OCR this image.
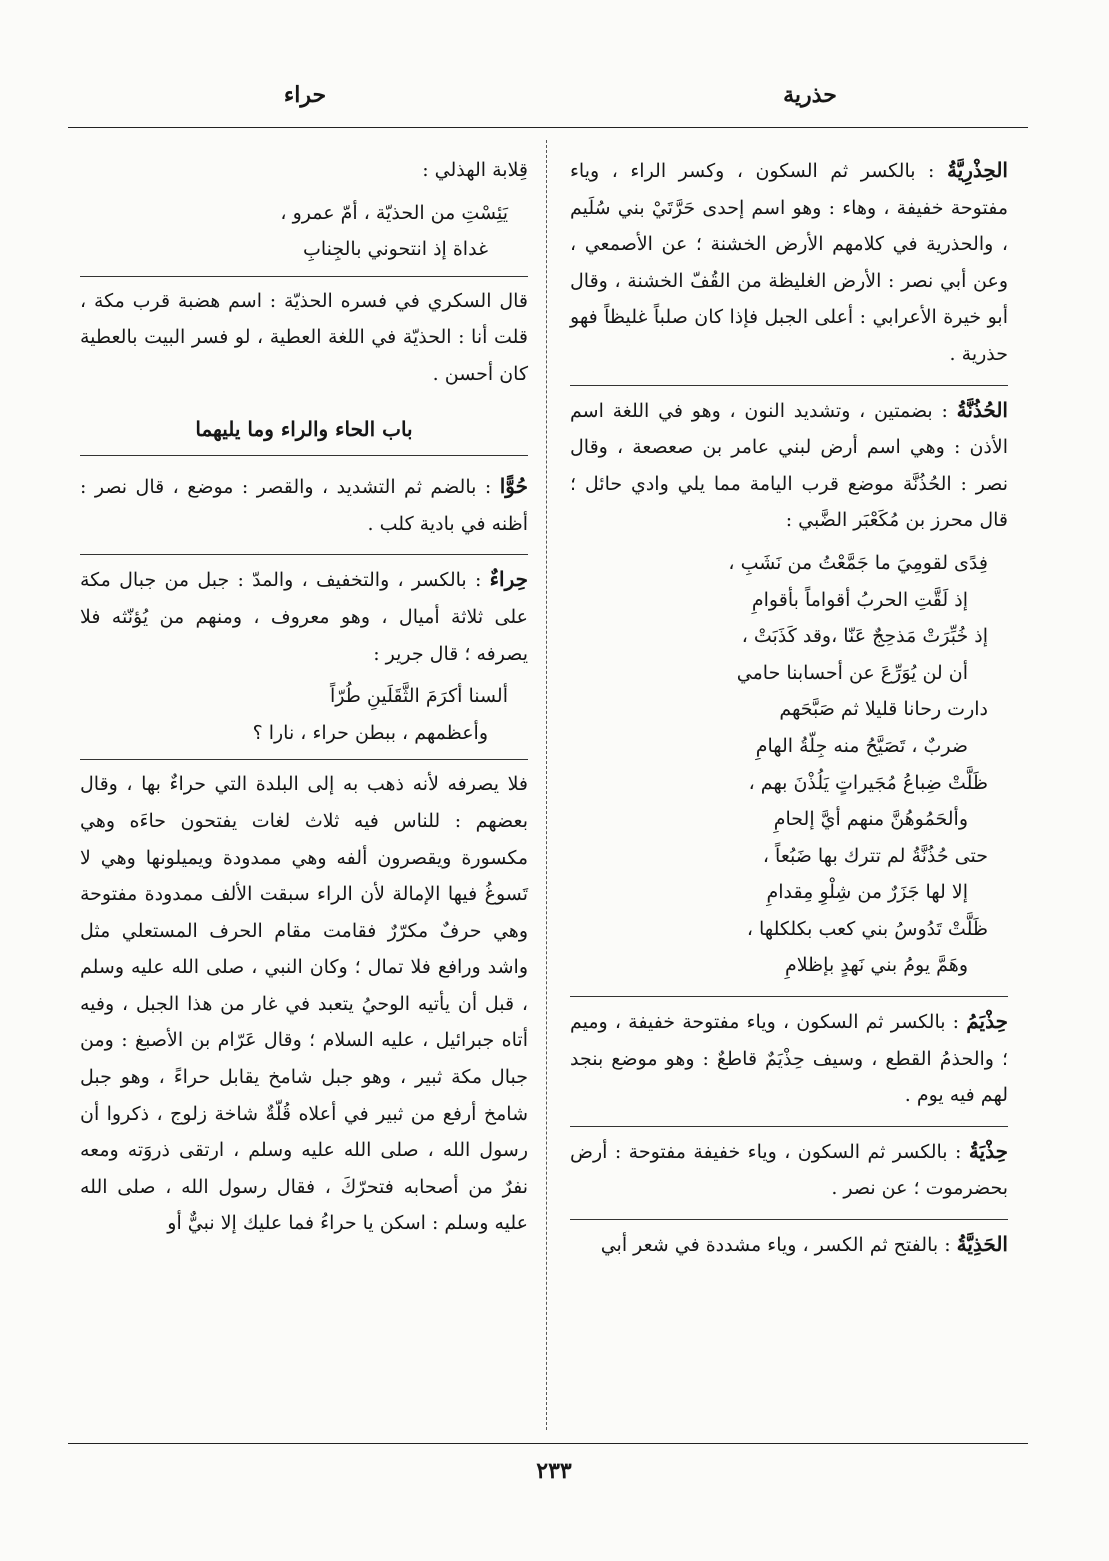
حذرية
حراء
الحِذْرِيَّةُ : بالكسر ثم السكون ، وكسر الراء ، وياء مفتوحة خفيفة ، وهاء : وهو اسم إحدى حَرَّتَيْ بني سُلَيم ، والحذرية في كلامهم الأرض الخشنة ؛ عن الأصمعي ، وعن أبي نصر : الأرض الغليظة من القُفّ الخشنة ، وقال أبو خيرة الأعرابي : أعلى الجبل فإذا كان صلباً غليظاً فهو حذرية .
الحُذُنَّةُ : بضمتين ، وتشديد النون ، وهو في اللغة اسم الأذن : وهي اسم أرض لبني عامر بن صعصعة ، وقال نصر : الحُذُنَّة موضع قرب اليامة مما يلي وادي حائل ؛ قال محرز بن مُكَعْبَر الضَّبي :
فِدًى لقومِيَ ما جَمَّعْتُ من نَشَبِ ،
إذ لَقَّتِ الحربُ أقواماً بأقوامِ
إذ خُبِّرَتْ مَذحِجٌ عَنّا ،وقد كَذَبَتْ ،
أن لن يُوَرِّعَ عن أحسابنا حامي
دارت رحانا قليلا ثم صَبَّحَهم
ضربٌ ، تَصَيَّحُ منه جِلّةُ الهامِ
ظَلَّتْ ضِباعُ مُجَيراتٍ يَلُذْنَ بهم ،
وألحَمُوهُنَّ منهم أيَّ إلحامِ
حتى حُذُنَّةُ لم تترك بها ضَبُعاً ،
إلا لها جَزَرٌ من شِلْوِ مِقدامِ
ظَلَّتْ تَدُوسُ بني كعب بكلكلها ،
وهَمَّ يومُ بني نَهدٍ بإظلامِ
حِذْيَمُ : بالكسر ثم السكون ، وياء مفتوحة خفيفة ، وميم ؛ والحذمُ القطع ، وسيف حِذْيَمٌ قاطعٌ : وهو موضع بنجد لهم فيه يوم .
حِذْيَةُ : بالكسر ثم السكون ، وياء خفيفة مفتوحة : أرض بحضرموت ؛ عن نصر .
الحَذِيَّةُ : بالفتح ثم الكسر ، وياء مشددة في شعر أبي
قِلابة الهذلي :
يَئِسْتِ من الحذيّة ، أمّ عمرو ،
غداة إذ انتحوني بالجِنابِ
قال السكري في فسره الحذيّة : اسم هضبة قرب مكة ، قلت أنا : الحذيّة في اللغة العطية ، لو فسر البيت بالعطية كان أحسن .
باب الحاء والراء وما يليهما
حُوًّا : بالضم ثم التشديد ، والقصر : موضع ، قال نصر : أظنه في بادية كلب .
حِراءٌ : بالكسر ، والتخفيف ، والمدّ : جبل من جبال مكة على ثلاثة أميال ، وهو معروف ، ومنهم من يُؤنّثه فلا يصرفه ؛ قال جرير :
ألسنا أكرَمَ الثَّقَلَينِ طُرّاً
وأعظمهم ، ببطن حراء ، نارا ؟
فلا يصرفه لأنه ذهب به إلى البلدة التي حراءٌ بها ، وقال بعضهم : للناس فيه ثلاث لغات يفتحون حاءَه وهي مكسورة ويقصرون ألفه وهي ممدودة ويميلونها وهي لا تَسوغُ فيها الإمالة لأن الراء سبقت الألف ممدودة مفتوحة وهي حرفٌ مكرّرٌ فقامت مقام الحرف المستعلي مثل واشد ورافع فلا تمال ؛ وكان النبي ، صلى الله عليه وسلم ، قبل أن يأتيه الوحيُ يتعبد في غار من هذا الجبل ، وفيه أتاه جبرائيل ، عليه السلام ؛ وقال عَرّام بن الأصبغ : ومن جبال مكة ثبير ، وهو جبل شامخ يقابل حراءً ، وهو جبل شامخ أرفع من ثبير في أعلاه قُلّةٌ شاخة زلوج ، ذكروا أن رسول الله ، صلى الله عليه وسلم ، ارتقى ذروَته ومعه نفرٌ من أصحابه فتحرّكَ ، فقال رسول الله ، صلى الله عليه وسلم : اسكن يا حراءُ فما عليك إلا نبيٌّ أو
٢٣٣
